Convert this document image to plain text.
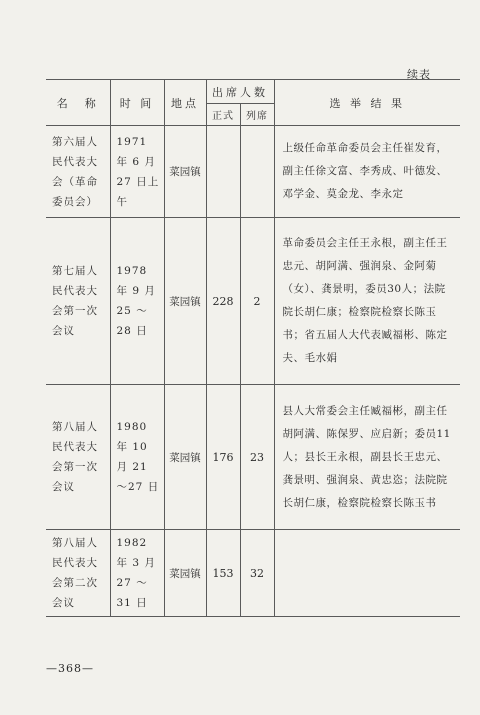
续表
名　称	时 间	地点	出席人数		选 举 结 果
			正式	列席	
第六届人民代表大会（革命委员会）	1971 年 6 月 27 日上午	菜园镇			上级任命革命委员会主任崔发育，副主任徐文富、李秀成、叶德发、邓学金、莫金龙、李永定
第七届人民代表大会第一次会议	1978 年 9 月 25 ～28 日	菜园镇	228	2	革命委员会主任王永根，副主任王忠元、胡阿满、强润泉、金阿菊（女）、龚景明，委员30人；法院院长胡仁康；检察院检察长陈玉书；省五届人大代表臧福彬、陈定夫、毛水娟
第八届人民代表大会第一次会议	1980 年 10 月 21 ～27 日	菜园镇	176	23	县人大常委会主任臧福彬，副主任胡阿满、陈保罗、应启新；委员11人；县长王永根，副县长王忠元、龚景明、强润泉、黄忠恣；法院院长胡仁康，检察院检察长陈玉书
第八届人民代表大会第二次会议	1982 年 3 月 27 ～31 日	菜园镇	153	32	
—368—
